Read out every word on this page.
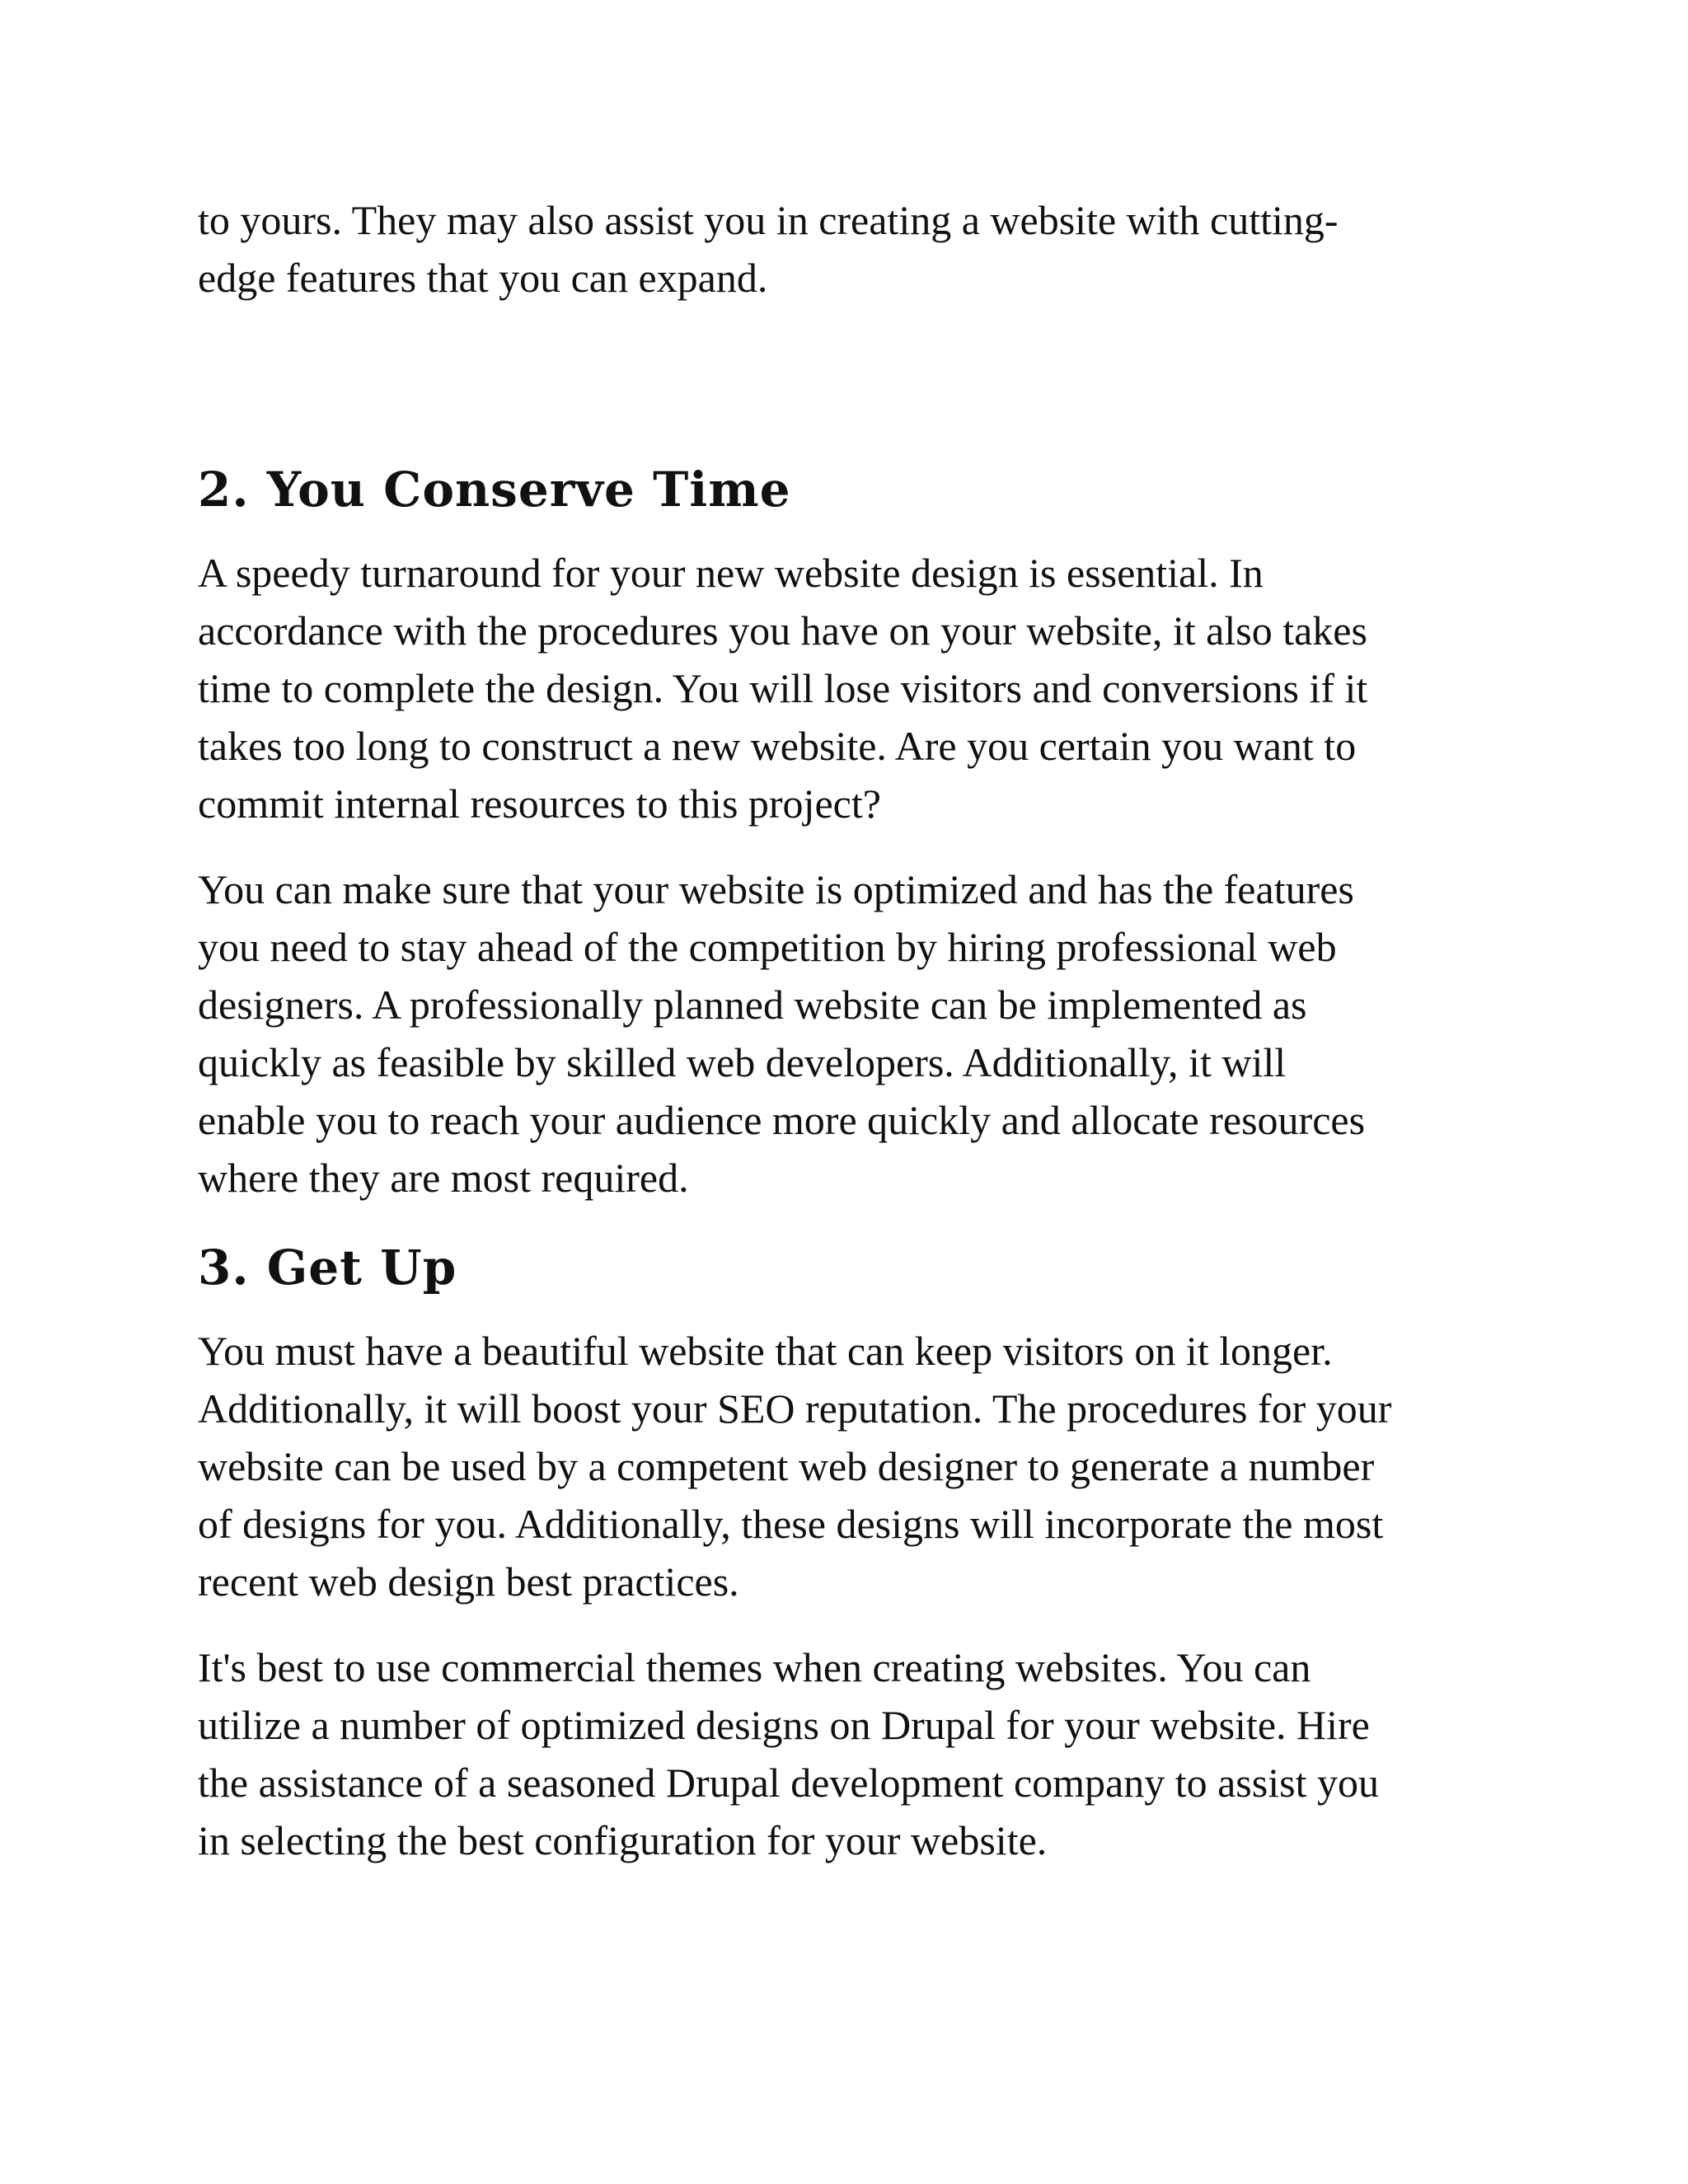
to yours. They may also assist you in creating a website with cutting-
edge features that you can expand.

2. You Conserve Time

A speedy turnaround for your new website design is essential. In
accordance with the procedures you have on your website, it also takes
time to complete the design. You will lose visitors and conversions if it
takes too long to construct a new website. Are you certain you want to
commit internal resources to this project?

You can make sure that your website is optimized and has the features
you need to stay ahead of the competition by hiring professional web
designers. A professionally planned website can be implemented as
quickly as feasible by skilled web developers. Additionally, it will
enable you to reach your audience more quickly and allocate resources
where they are most required.

3. Get Up

You must have a beautiful website that can keep visitors on it longer.
Additionally, it will boost your SEO reputation. The procedures for your
website can be used by a competent web designer to generate a number
of designs for you. Additionally, these designs will incorporate the most
recent web design best practices.

It's best to use commercial themes when creating websites. You can
utilize a number of optimized designs on Drupal for your website. Hire
the assistance of a seasoned Drupal development company to assist you
in selecting the best configuration for your website.
